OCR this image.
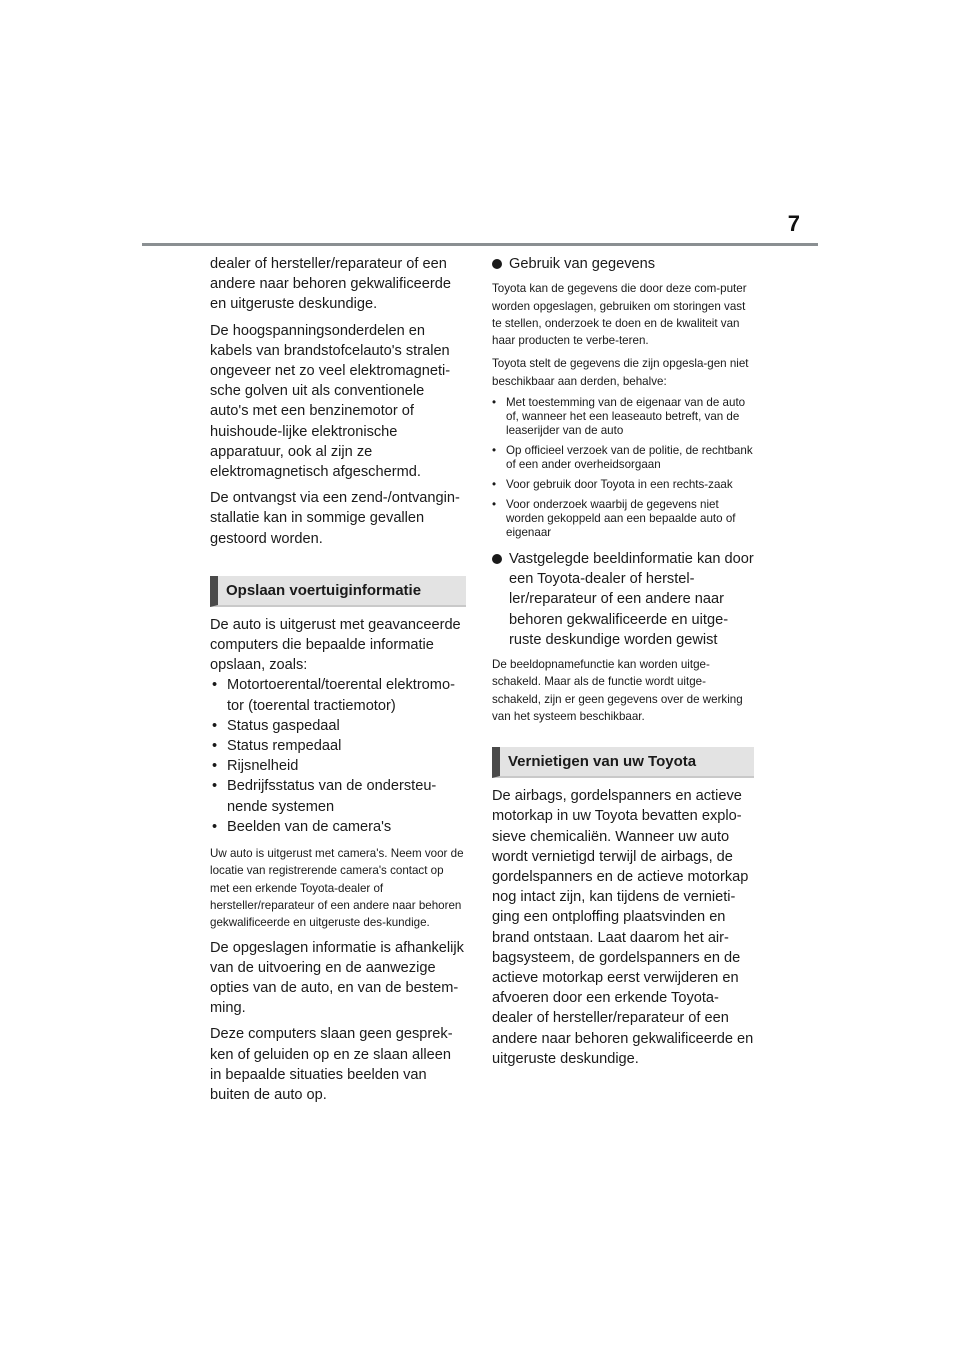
7

dealer of hersteller/reparateur of een andere naar behoren gekwalificeerde en uitgeruste deskundige.

De hoogspanningsonderdelen en kabels van brandstofcelauto's stralen ongeveer net zo veel elektromagneti-sche golven uit als conventionele auto's met een benzinemotor of huishoude-lijke elektronische apparatuur, ook al zijn ze elektromagnetisch afgeschermd.

De ontvangst via een zend-/ontvangin-stallatie kan in sommige gevallen gestoord worden.

Opslaan voertuiginformatie

De auto is uitgerust met geavanceerde computers die bepaalde informatie opslaan, zoals:

• Motortoerental/toerental elektromo-tor (toerental tractiemotor)
• Status gaspedaal
• Status rempedaal
• Rijsnelheid
• Bedrijfsstatus van de ondersteu-nende systemen
• Beelden van de camera's

Uw auto is uitgerust met camera's. Neem voor de locatie van registrerende camera's contact op met een erkende Toyota-dealer of hersteller/reparateur of een andere naar behoren gekwalificeerde en uitgeruste des-kundige.

De opgeslagen informatie is afhankelijk van de uitvoering en de aanwezige opties van de auto, en van de bestem-ming.

Deze computers slaan geen gesprek-ken of geluiden op en ze slaan alleen in bepaalde situaties beelden van buiten de auto op.

Gebruik van gegevens

Toyota kan de gegevens die door deze com-puter worden opgeslagen, gebruiken om storingen vast te stellen, onderzoek te doen en de kwaliteit van haar producten te verbe-teren.

Toyota stelt de gegevens die zijn opgesla-gen niet beschikbaar aan derden, behalve:

• Met toestemming van de eigenaar van de auto of, wanneer het een leaseauto betreft, van de leaserijder van de auto
• Op officieel verzoek van de politie, de rechtbank of een ander overheidsorgaan
• Voor gebruik door Toyota in een rechts-zaak
• Voor onderzoek waarbij de gegevens niet worden gekoppeld aan een bepaalde auto of eigenaar
Vastgelegde beeldinformatie kan door een Toyota-dealer of herstel-ler/reparateur of een andere naar behoren gekwalificeerde en uitge-ruste deskundige worden gewist

De beeldopnamefunctie kan worden uitge-schakeld. Maar als de functie wordt uitge-schakeld, zijn er geen gegevens over de werking van het systeem beschikbaar.

Vernietigen van uw Toyota

De airbags, gordelspanners en actieve motorkap in uw Toyota bevatten explo-sieve chemicaliën. Wanneer uw auto wordt vernietigd terwijl de airbags, de gordelspanners en de actieve motorkap nog intact zijn, kan tijdens de vernieti-ging een ontploffing plaatsvinden en brand ontstaan. Laat daarom het air-bagsysteem, de gordelspanners en de actieve motorkap eerst verwijderen en afvoeren door een erkende Toyota-dealer of hersteller/reparateur of een andere naar behoren gekwalificeerde en uitgeruste deskundige.
